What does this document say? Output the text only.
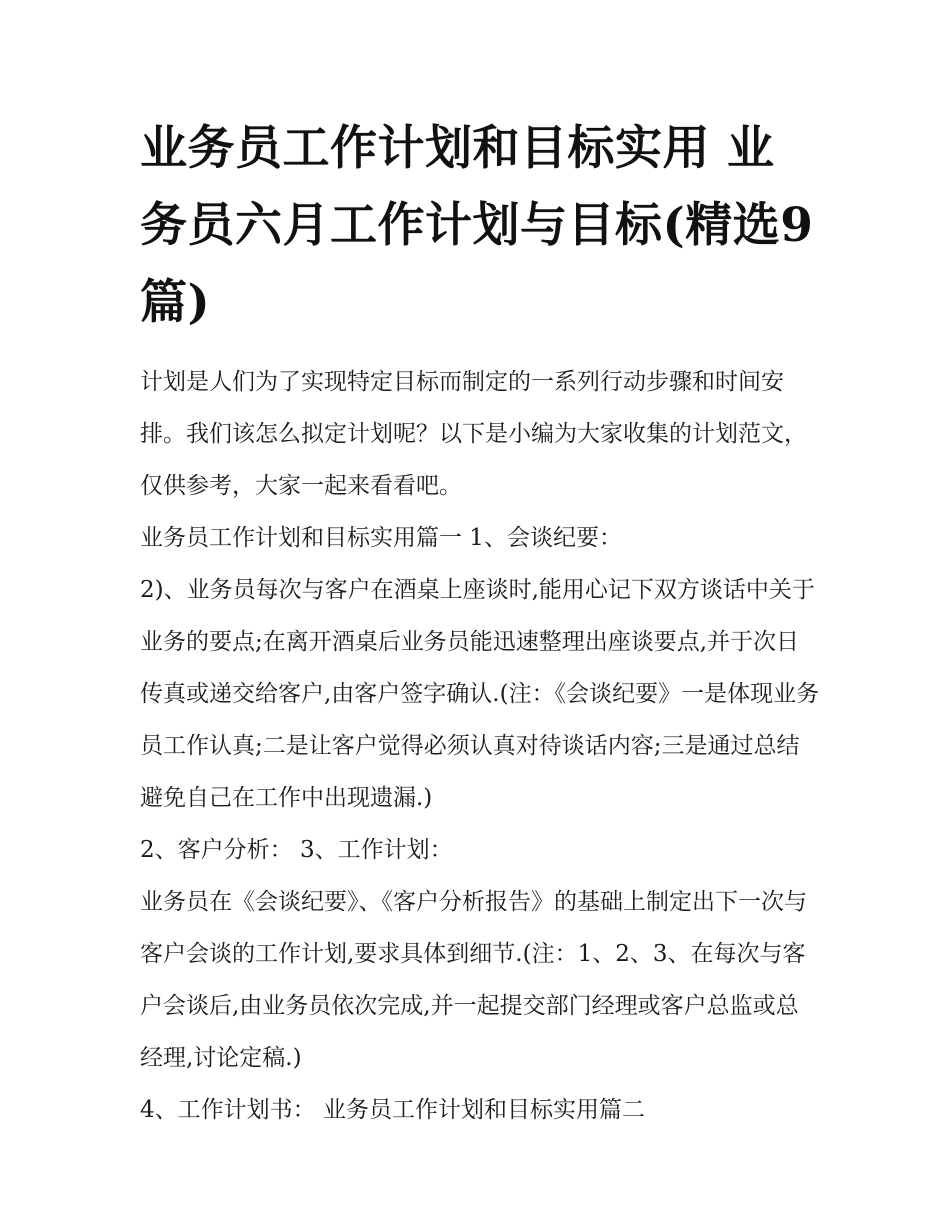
业务员工作计划和目标实用 业务员六月工作计划与目标(精选9篇)

计划是人们为了实现特定目标而制定的一系列行动步骤和时间安排。我们该怎么拟定计划呢？以下是小编为大家收集的计划范文，仅供参考，大家一起来看看吧。

业务员工作计划和目标实用篇一 1、会谈纪要：

2)、业务员每次与客户在酒桌上座谈时,能用心记下双方谈话中关于业务的要点;在离开酒桌后业务员能迅速整理出座谈要点,并于次日传真或递交给客户,由客户签字确认.(注：《会谈纪要》一是体现业务员工作认真;二是让客户觉得必须认真对待谈话内容;三是通过总结避免自己在工作中出现遗漏.)

2、客户分析： 3、工作计划：

业务员在《会谈纪要》、《客户分析报告》的基础上制定出下一次与客户会谈的工作计划,要求具体到细节.(注：1、2、3、在每次与客户会谈后,由业务员依次完成,并一起提交部门经理或客户总监或总经理,讨论定稿.)

4、工作计划书： 业务员工作计划和目标实用篇二
